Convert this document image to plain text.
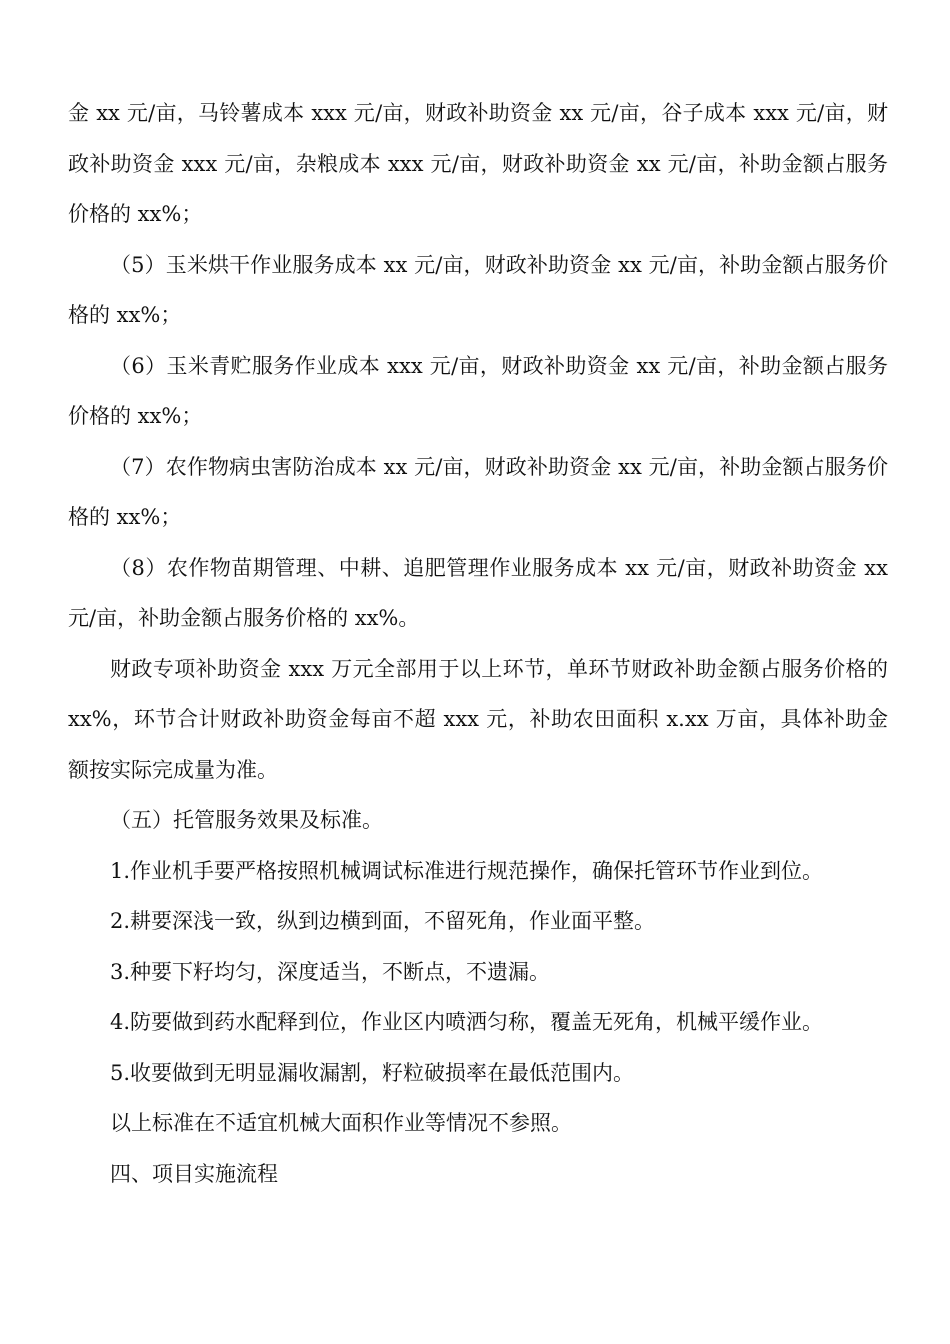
金 xx 元/亩，马铃薯成本 xxx 元/亩，财政补助资金 xx 元/亩，谷子成本 xxx 元/亩，财政补助资金 xxx 元/亩，杂粮成本 xxx 元/亩，财政补助资金 xx 元/亩，补助金额占服务价格的 xx%；

（5）玉米烘干作业服务成本 xx 元/亩，财政补助资金 xx 元/亩，补助金额占服务价格的 xx%；

（6）玉米青贮服务作业成本 xxx 元/亩，财政补助资金 xx 元/亩，补助金额占服务价格的 xx%；

（7）农作物病虫害防治成本 xx 元/亩，财政补助资金 xx 元/亩，补助金额占服务价格的 xx%；

（8）农作物苗期管理、中耕、追肥管理作业服务成本 xx 元/亩，财政补助资金 xx 元/亩，补助金额占服务价格的 xx%。

财政专项补助资金 xxx 万元全部用于以上环节，单环节财政补助金额占服务价格的 xx%，环节合计财政补助资金每亩不超 xxx 元，补助农田面积 x.xx 万亩，具体补助金额按实际完成量为准。

（五）托管服务效果及标准。

1.作业机手要严格按照机械调试标准进行规范操作，确保托管环节作业到位。

2.耕要深浅一致，纵到边横到面，不留死角，作业面平整。

3.种要下籽均匀，深度适当，不断点，不遗漏。

4.防要做到药水配释到位，作业区内喷洒匀称，覆盖无死角，机械平缓作业。

5.收要做到无明显漏收漏割，籽粒破损率在最低范围内。

以上标准在不适宜机械大面积作业等情况不参照。

四、项目实施流程
